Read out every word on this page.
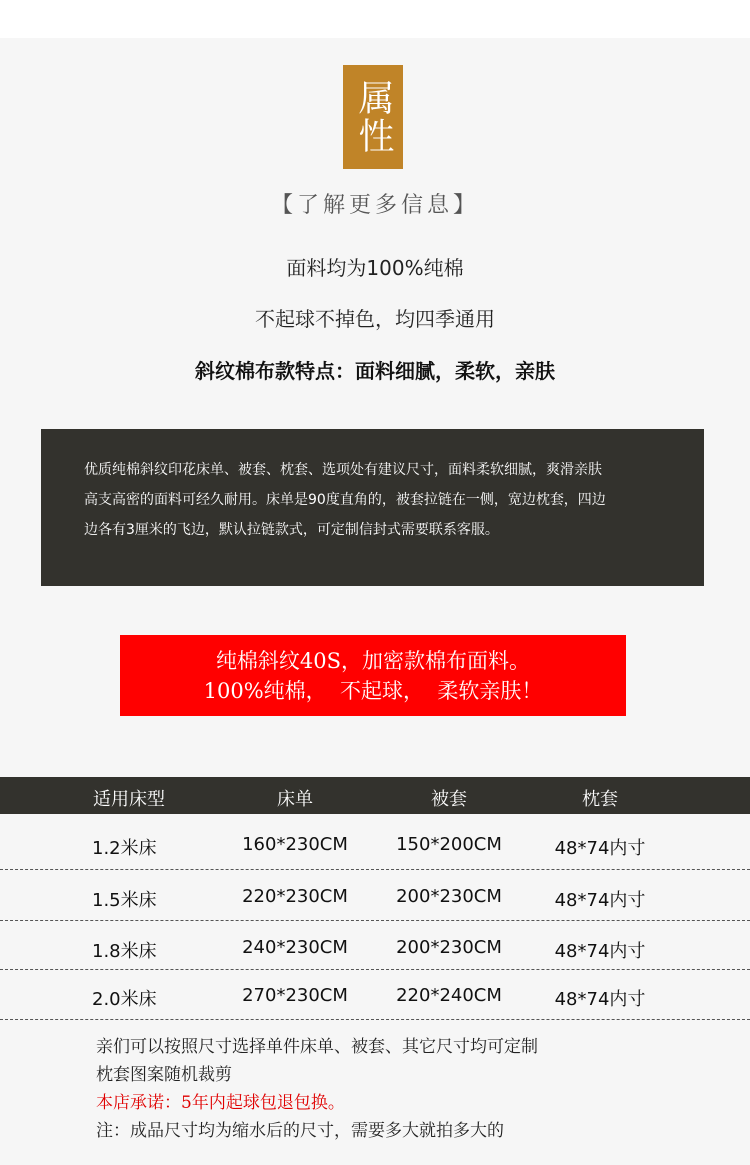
属性
【了解更多信息】
面料均为100%纯棉
不起球不掉色，均四季通用
斜纹棉布款特点：面料细腻，柔软，亲肤
优质纯棉斜纹印花床单、被套、枕套、选项处有建议尺寸，面料柔软细腻，爽滑亲肤
高支高密的面料可经久耐用。床单是90度直角的，被套拉链在一侧，宽边枕套，四边
边各有3厘米的飞边，默认拉链款式，可定制信封式需要联系客服。
纯棉斜纹40S，加密款棉布面料。
100%纯棉，  不起球，  柔软亲肤！
适用床型	床单	被套	枕套
1.2米床	160*230CM	150*200CM	48*74内寸
1.5米床	220*230CM	200*230CM	48*74内寸
1.8米床	240*230CM	200*230CM	48*74内寸
2.0米床	270*230CM	220*240CM	48*74内寸
亲们可以按照尺寸选择单件床单、被套、其它尺寸均可定制
枕套图案随机裁剪
本店承诺：5年内起球包退包换。
注：成品尺寸均为缩水后的尺寸，需要多大就拍多大的
